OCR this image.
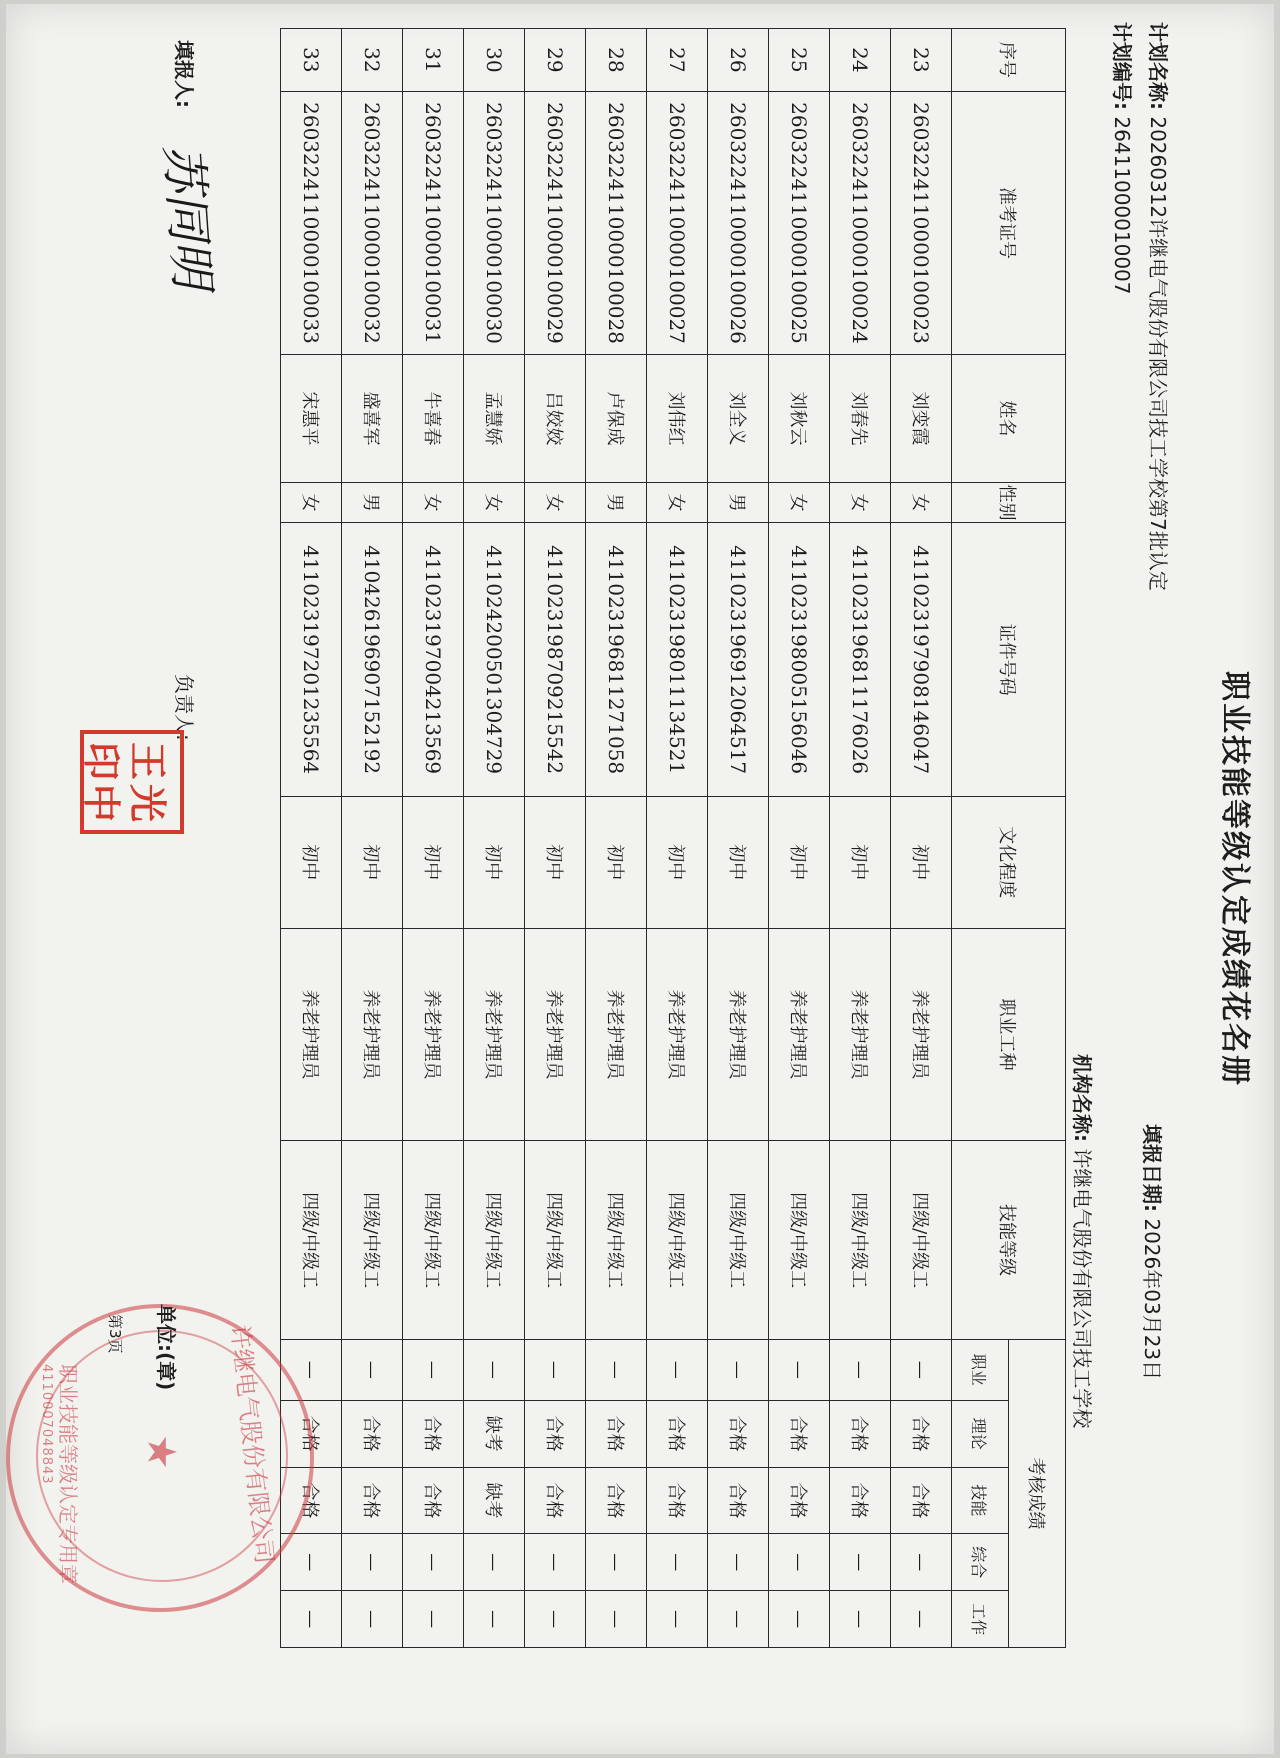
职业技能等级认定成绩花名册
计划名称: 20260312许继电气股份有限公司技工学校第7批认定
计划编号: 26411000010007
填报日期: 2026年03月23日
机构名称: 许继电气股份有限公司技工学校
序号	准考证号	姓名	性别	证件号码	文化程度	职业工种	技能等级	考核成绩				
								职业	理论	技能	综合	工作
23	2603224110000100023	刘变霞	女	411023197908146047	初中	养老护理员	四级/中级工	—	合格	合格	—	—
24	2603224110000100024	刘春先	女	411023196811176026	初中	养老护理员	四级/中级工	—	合格	合格	—	—
25	2603224110000100025	刘秋云	女	411023198005156046	初中	养老护理员	四级/中级工	—	合格	合格	—	—
26	2603224110000100026	刘全义	男	411023196912064517	初中	养老护理员	四级/中级工	—	合格	合格	—	—
27	2603224110000100027	刘伟红	女	411023198011134521	初中	养老护理员	四级/中级工	—	合格	合格	—	—
28	2603224110000100028	卢保成	男	411023196811271058	初中	养老护理员	四级/中级工	—	合格	合格	—	—
29	2603224110000100029	吕姣姣	女	411023198709215542	初中	养老护理员	四级/中级工	—	合格	合格	—	—
30	2603224110000100030	孟慧娇	女	411024200501304729	初中	养老护理员	四级/中级工	—	缺考	缺考	—	—
31	2603224110000100031	牛喜春	女	411023197004213569	初中	养老护理员	四级/中级工	—	合格	合格	—	—
32	2603224110000100032	盛喜军	男	410426196907152192	初中	养老护理员	四级/中级工	—	合格	合格	—	—
33	2603224110000100033	宋惠平	女	411023197201235564	初中	养老护理员	四级/中级工	—	合格	合格	—	—
填报人:
苏同明
负责人:
王
光
印
中
许继电气股份有限公司
★
职业技能等级认定专用章
4110007048843
单位:(章)
第3页
